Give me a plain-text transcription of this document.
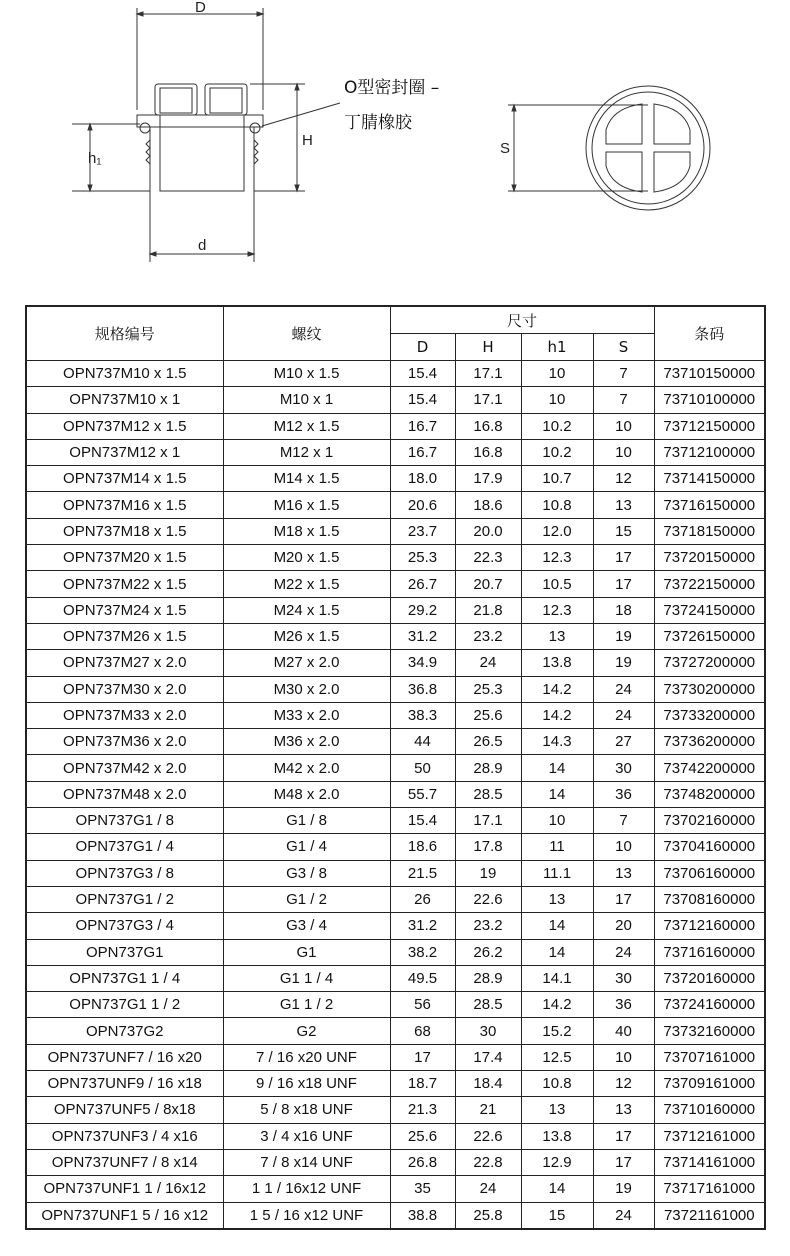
D
h₁
H
d
O型密封圈 –
丁腈橡胶
S
规格编号	螺纹	尺寸				条码
		D	H	h1	S	
OPN737M10 x 1.5	M10 x 1.5	15.4	17.1	10	7	73710150000
OPN737M10 x 1	M10 x 1	15.4	17.1	10	7	73710100000
OPN737M12 x 1.5	M12 x 1.5	16.7	16.8	10.2	10	73712150000
OPN737M12 x 1	M12 x 1	16.7	16.8	10.2	10	73712100000
OPN737M14 x 1.5	M14 x 1.5	18.0	17.9	10.7	12	73714150000
OPN737M16 x 1.5	M16 x 1.5	20.6	18.6	10.8	13	73716150000
OPN737M18 x 1.5	M18 x 1.5	23.7	20.0	12.0	15	73718150000
OPN737M20 x 1.5	M20 x 1.5	25.3	22.3	12.3	17	73720150000
OPN737M22 x 1.5	M22 x 1.5	26.7	20.7	10.5	17	73722150000
OPN737M24 x 1.5	M24 x 1.5	29.2	21.8	12.3	18	73724150000
OPN737M26 x 1.5	M26 x 1.5	31.2	23.2	13	19	73726150000
OPN737M27 x 2.0	M27 x 2.0	34.9	24	13.8	19	73727200000
OPN737M30 x 2.0	M30 x 2.0	36.8	25.3	14.2	24	73730200000
OPN737M33 x 2.0	M33 x 2.0	38.3	25.6	14.2	24	73733200000
OPN737M36 x 2.0	M36 x 2.0	44	26.5	14.3	27	73736200000
OPN737M42 x 2.0	M42 x 2.0	50	28.9	14	30	73742200000
OPN737M48 x 2.0	M48 x 2.0	55.7	28.5	14	36	73748200000
OPN737G1 / 8	G1 / 8	15.4	17.1	10	7	73702160000
OPN737G1 / 4	G1 / 4	18.6	17.8	11	10	73704160000
OPN737G3 / 8	G3 / 8	21.5	19	11.1	13	73706160000
OPN737G1 / 2	G1 / 2	26	22.6	13	17	73708160000
OPN737G3 / 4	G3 / 4	31.2	23.2	14	20	73712160000
OPN737G1	G1	38.2	26.2	14	24	73716160000
OPN737G1 1 / 4	G1 1 / 4	49.5	28.9	14.1	30	73720160000
OPN737G1 1 / 2	G1 1 / 2	56	28.5	14.2	36	73724160000
OPN737G2	G2	68	30	15.2	40	73732160000
OPN737UNF7 / 16 x20	7 / 16 x20 UNF	17	17.4	12.5	10	73707161000
OPN737UNF9 / 16 x18	9 / 16 x18 UNF	18.7	18.4	10.8	12	73709161000
OPN737UNF5 / 8x18	5 / 8 x18 UNF	21.3	21	13	13	73710160000
OPN737UNF3 / 4 x16	3 / 4 x16 UNF	25.6	22.6	13.8	17	73712161000
OPN737UNF7 / 8 x14	7 / 8 x14 UNF	26.8	22.8	12.9	17	73714161000
OPN737UNF1 1 / 16x12	1 1 / 16x12 UNF	35	24	14	19	73717161000
OPN737UNF1 5 / 16 x12	1 5 / 16 x12 UNF	38.8	25.8	15	24	73721161000
